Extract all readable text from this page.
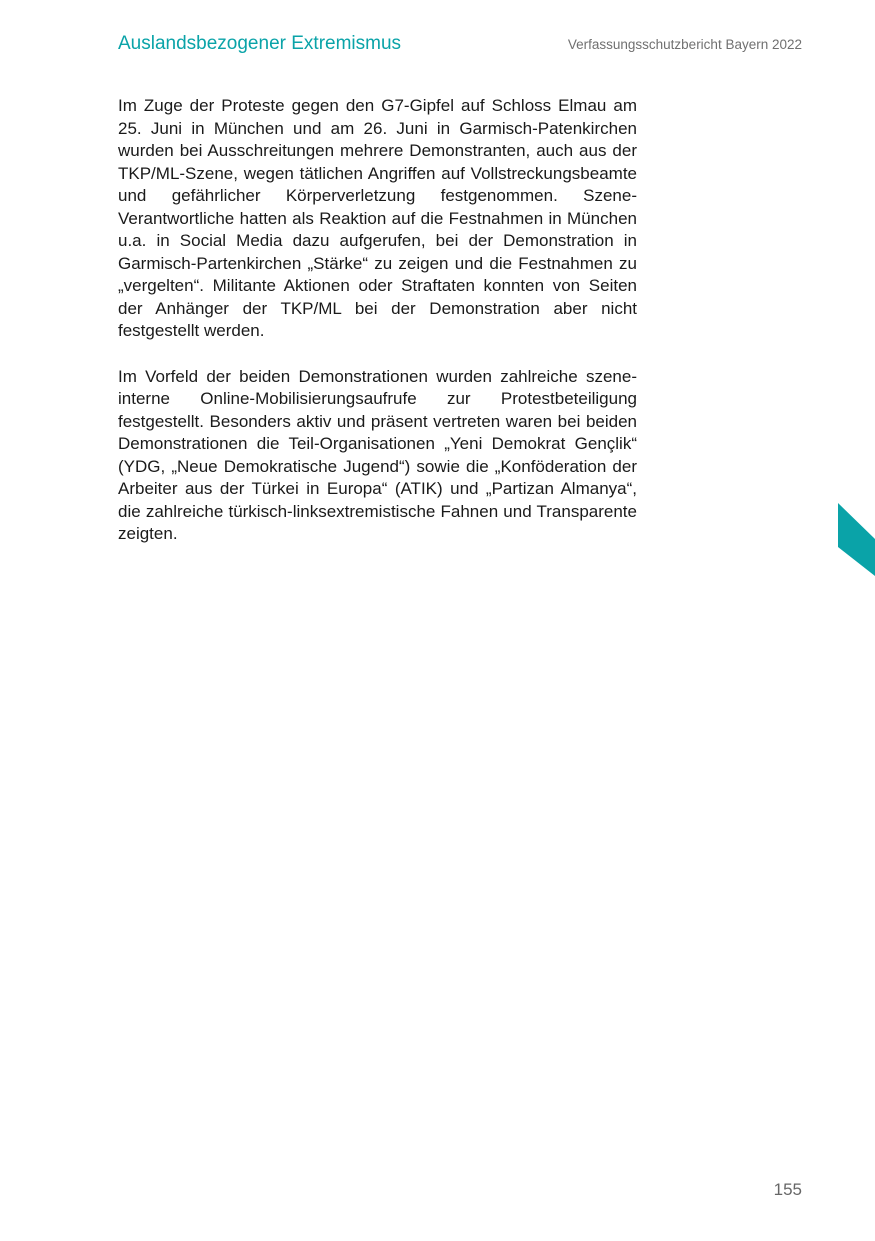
Auslandsbezogener Extremismus	Verfassungsschutzbericht Bayern 2022

Im Zuge der Proteste gegen den G7-Gipfel auf Schloss Elmau am 25. Juni in München und am 26. Juni in Garmisch-Patenkirchen wurden bei Ausschreitungen mehrere Demonstranten, auch aus der TKP/ML-Szene, wegen tätlichen Angriffen auf Vollstreckungsbeamte und gefährlicher Körperverletzung festgenommen. Szene-Verantwortliche hatten als Reaktion auf die Festnahmen in München u.a. in Social Media dazu aufgerufen, bei der Demonstration in Garmisch-Partenkirchen „Stärke“ zu zeigen und die Festnahmen zu „vergelten“. Militante Aktionen oder Straftaten konnten von Seiten der Anhänger der TKP/ML bei der Demonstration aber nicht festgestellt werden.

Im Vorfeld der beiden Demonstrationen wurden zahlreiche szeneinterne Online-Mobilisierungsaufrufe zur Protestbeteiligung festgestellt. Besonders aktiv und präsent vertreten waren bei beiden Demonstrationen die Teil-Organisationen „Yeni Demokrat Gençlik“ (YDG, „Neue Demokratische Jugend“) sowie die „Konföderation der Arbeiter aus der Türkei in Europa“ (ATIK) und „Partizan Almanya“, die zahlreiche türkisch-linksextremistische Fahnen und Transparente zeigten.

155
